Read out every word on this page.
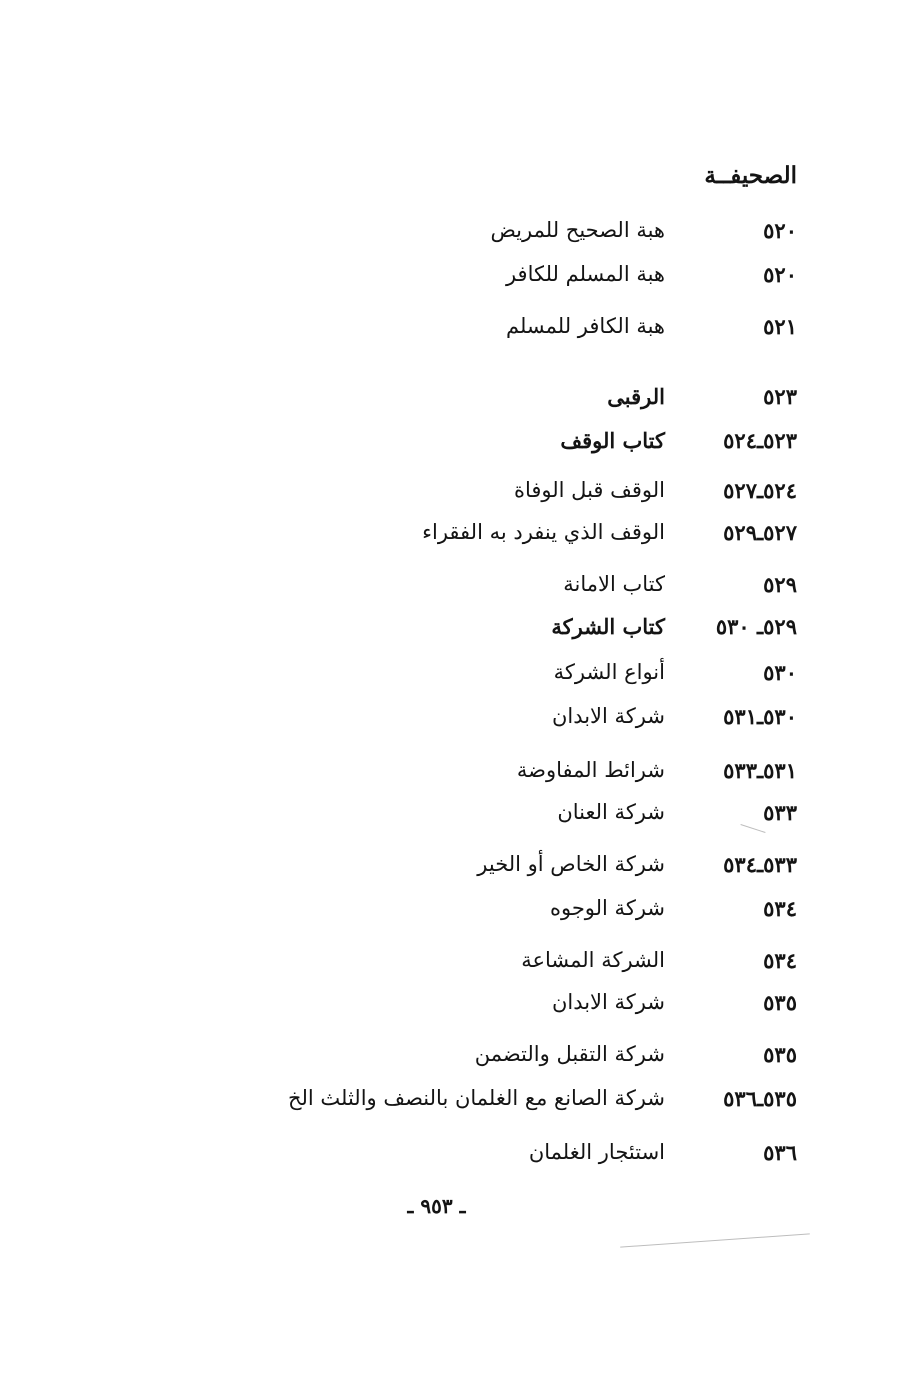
الصحيفــة
٥٢٠
هبة الصحيح للمريض
٥٢٠
هبة المسلم للكافر
٥٢١
هبة الكافر للمسلم
٥٢٣
الرقبى
٥٢٣ـ٥٢٤
كتاب الوقف
٥٢٤ـ٥٢٧
الوقف قبل الوفاة
٥٢٧ـ٥٢٩
الوقف الذي ينفرد به الفقراء
٥٢٩
كتاب الامانة
٥٢٩ـ ٥٣٠
كتاب الشركة
٥٣٠
أنواع الشركة
٥٣٠ـ٥٣١
شركة الابدان
٥٣١ـ٥٣٣
شرائط المفاوضة
٥٣٣
شركة العنان
٥٣٣ـ٥٣٤
شركة الخاص أو الخير
٥٣٤
شركة الوجوه
٥٣٤
الشركة المشاعة
٥٣٥
شركة الابدان
٥٣٥
شركة التقبل والتضمن
٥٣٥ـ٥٣٦
شركة الصانع مع الغلمان بالنصف والثلث الخ
٥٣٦
استئجار الغلمان
ـ ٩٥٣ ـ
